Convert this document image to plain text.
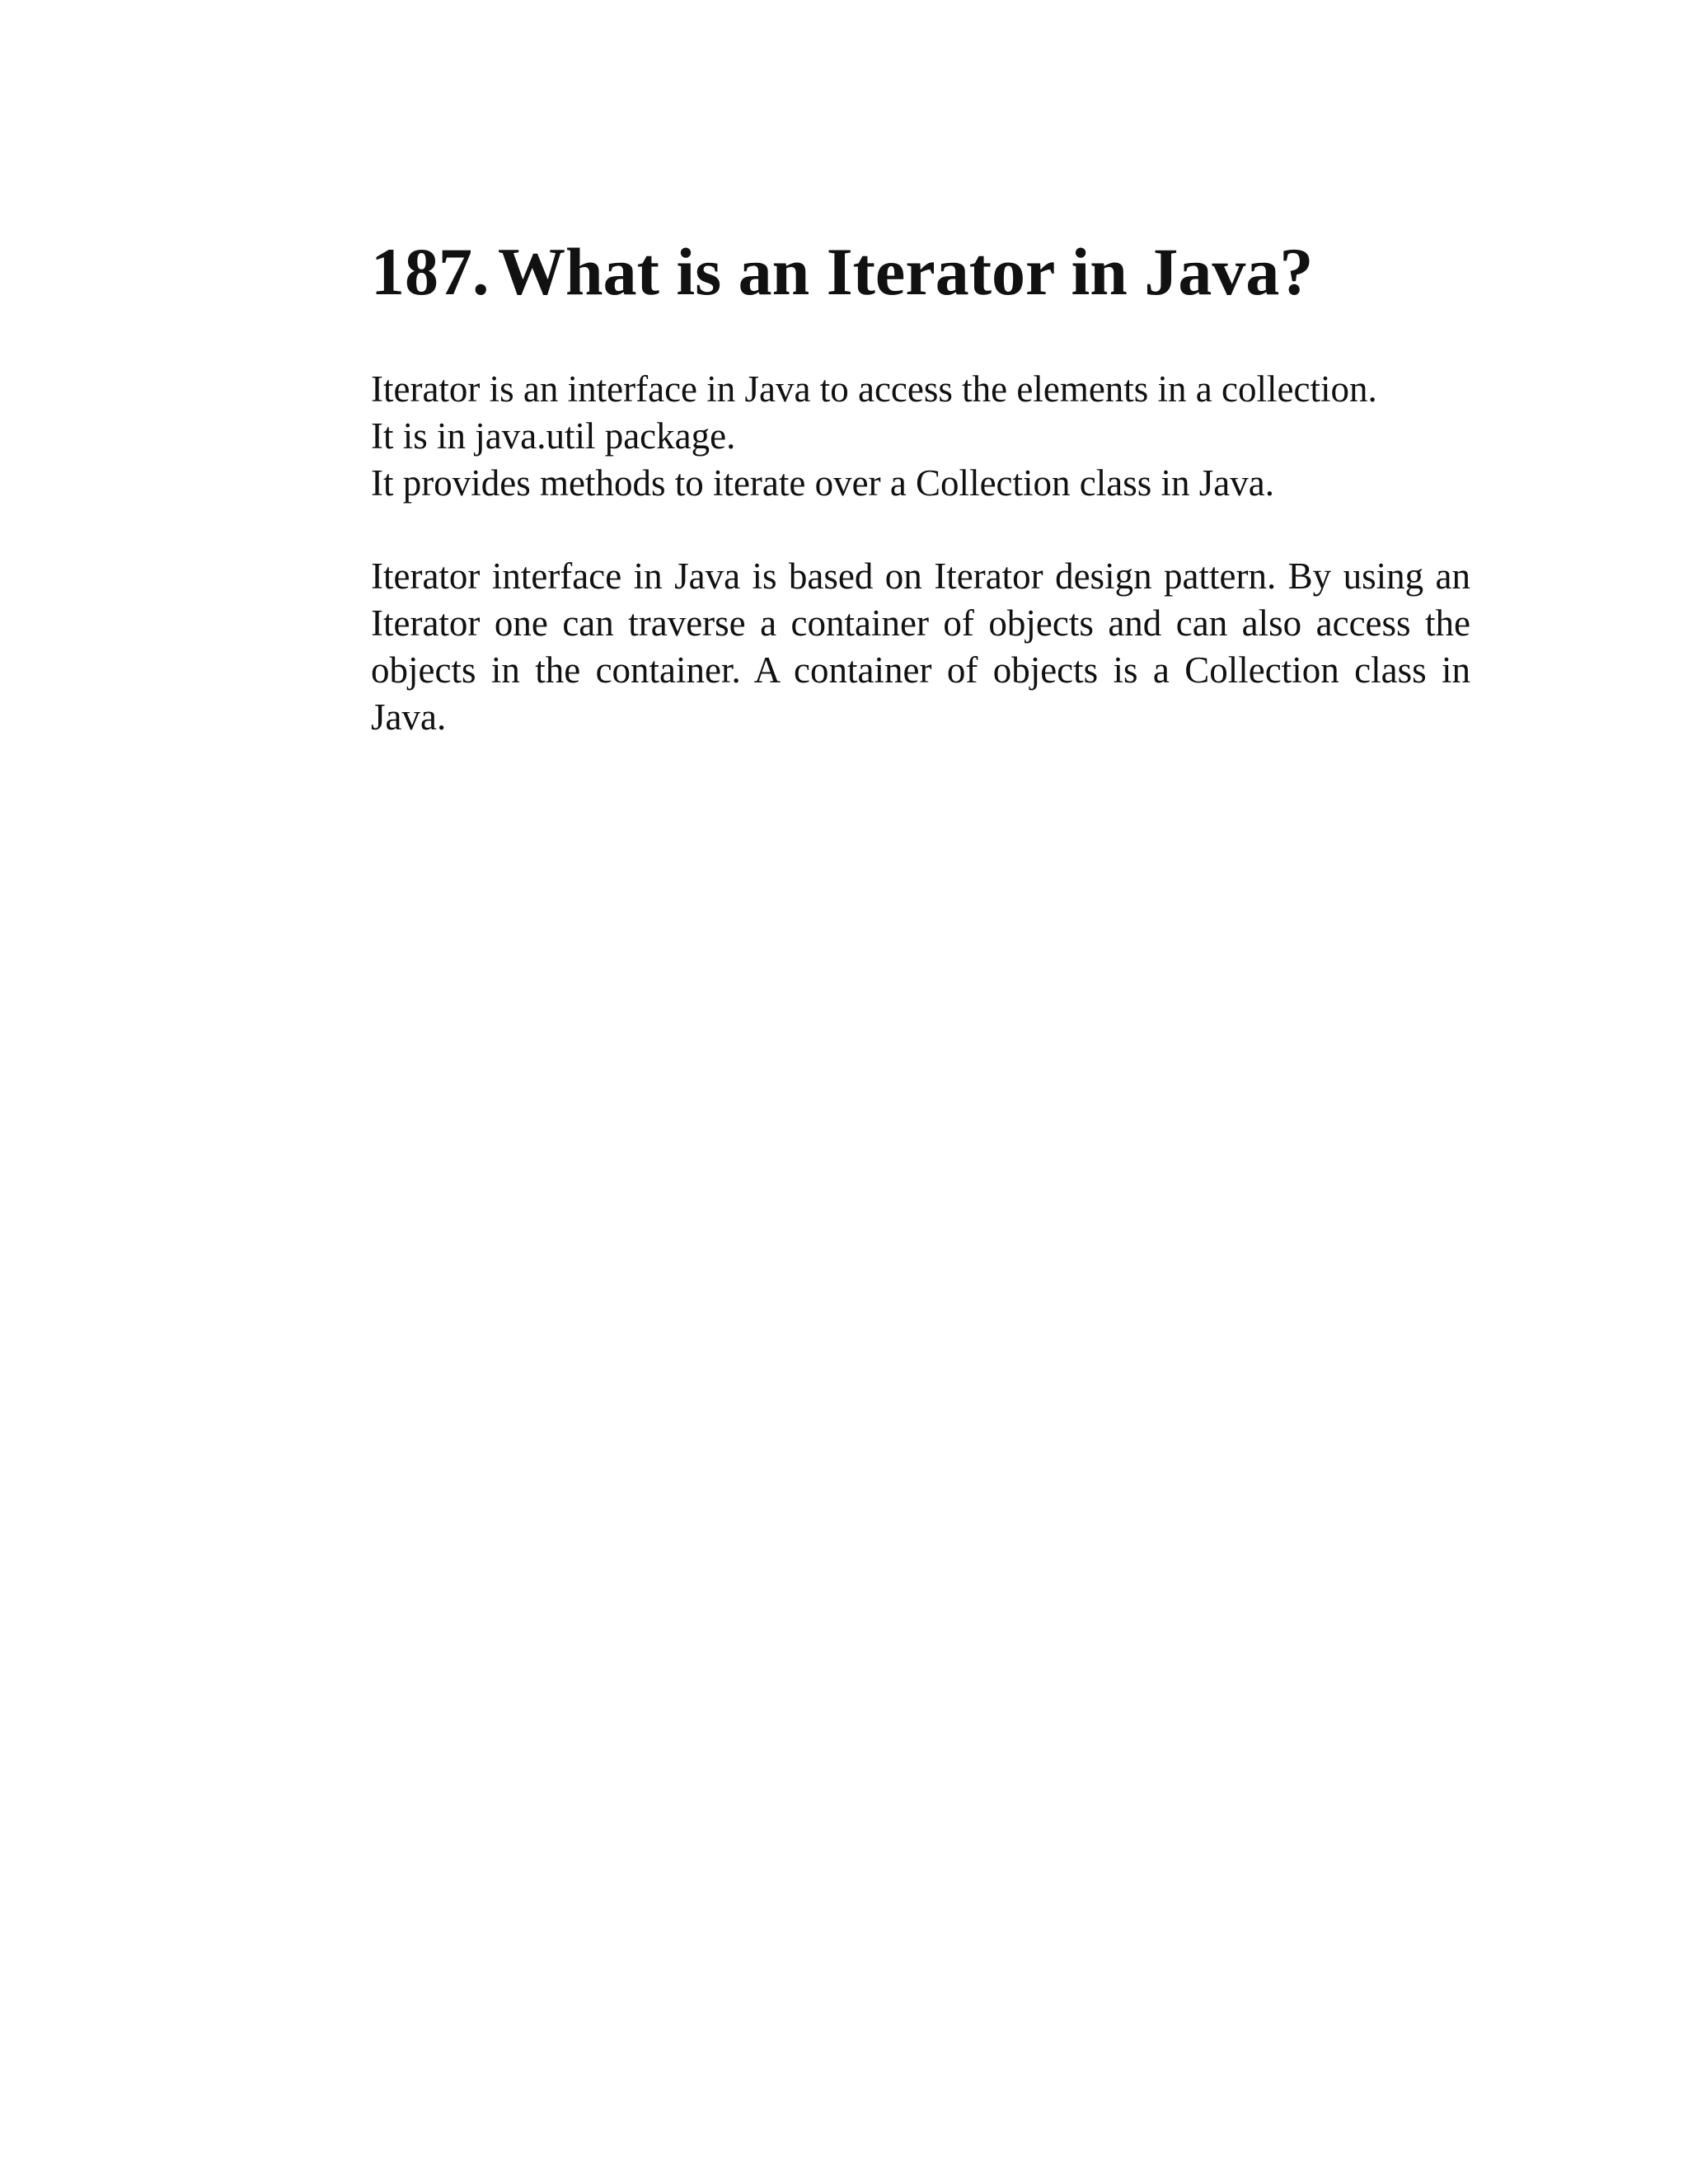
187. What is an Iterator in Java?

Iterator is an interface in Java to access the elements in a collection.

It is in java.util package.

It provides methods to iterate over a Collection class in Java.

Iterator interface in Java is based on Iterator design pattern. By using an Iterator one can traverse a container of objects and can also access the objects in the container. A container of objects is a Collection class in Java.
